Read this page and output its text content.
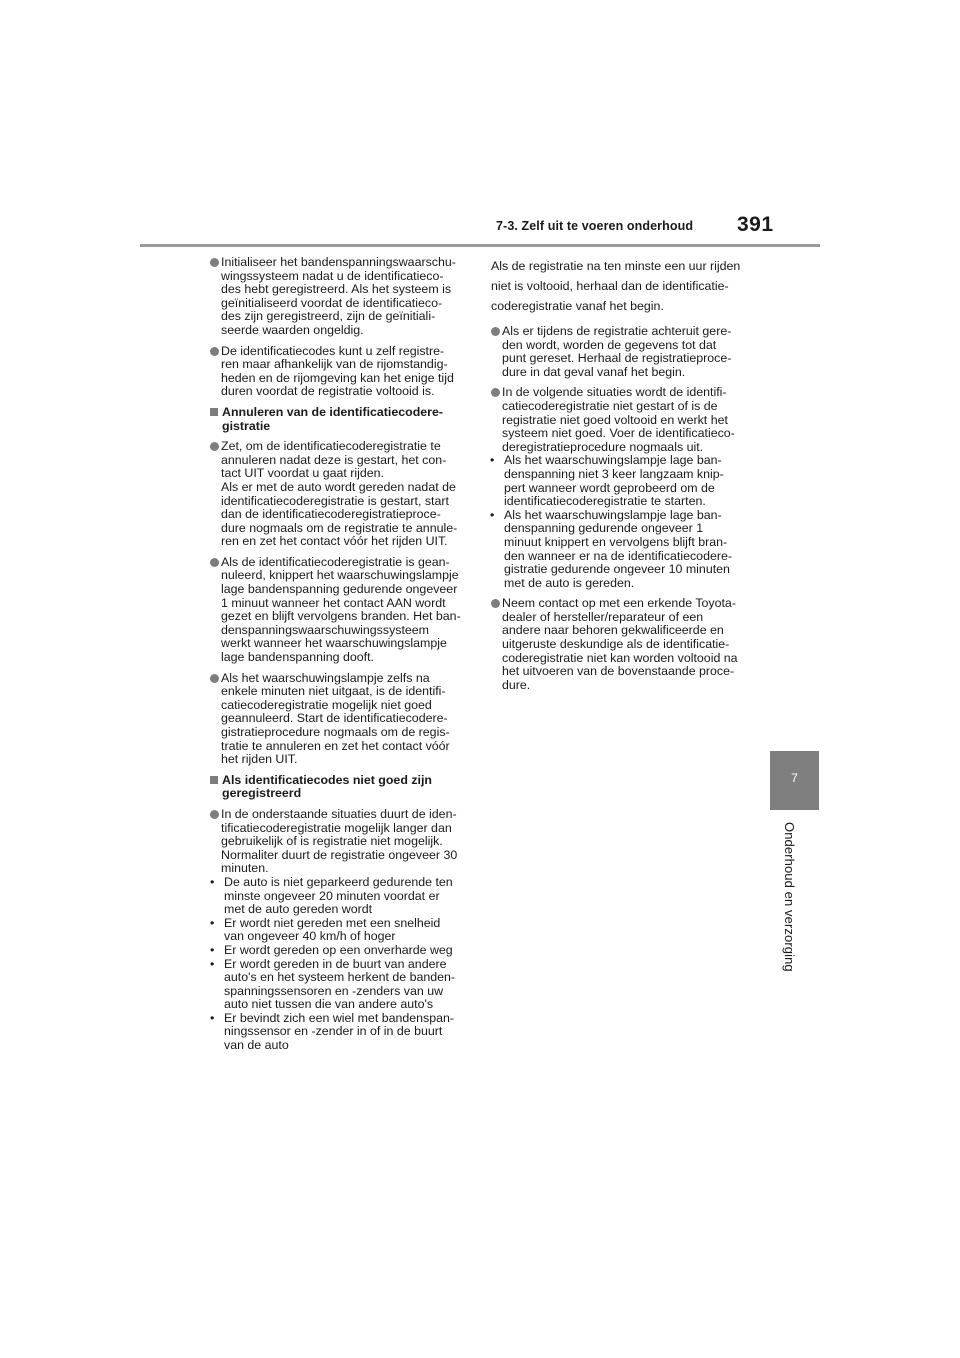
7-3. Zelf uit te voeren onderhoud 391
7
Onderhoud en verzorging
Initialiseer het bandenspanningswaarschu-
wingssysteem nadat u de identificatieco-
des hebt geregistreerd. Als het systeem is
geïnitialiseerd voordat de identificatieco-
des zijn geregistreerd, zijn de geïnitiali-
seerde waarden ongeldig.
De identificatiecodes kunt u zelf registre-
ren maar afhankelijk van de rijomstandig-
heden en de rijomgeving kan het enige tijd
duren voordat de registratie voltooid is.
Annuleren van de identificatiecodere-
gistratie
Zet, om de identificatiecoderegistratie te
annuleren nadat deze is gestart, het con-
tact UIT voordat u gaat rijden.
Als er met de auto wordt gereden nadat de
identificatiecoderegistratie is gestart, start
dan de identificatiecoderegistratieproce-
dure nogmaals om de registratie te annule-
ren en zet het contact vóór het rijden UIT.
Als de identificatiecoderegistratie is gean-
nuleerd, knippert het waarschuwingslampje
lage bandenspanning gedurende ongeveer
1 minuut wanneer het contact AAN wordt
gezet en blijft vervolgens branden. Het ban-
denspanningswaarschuwingssysteem
werkt wanneer het waarschuwingslampje
lage bandenspanning dooft.
Als het waarschuwingslampje zelfs na
enkele minuten niet uitgaat, is de identifi-
catiecoderegistratie mogelijk niet goed
geannuleerd. Start de identificatiecodere-
gistratieprocedure nogmaals om de regis-
tratie te annuleren en zet het contact vóór
het rijden UIT.
Als identificatiecodes niet goed zijn
geregistreerd
In de onderstaande situaties duurt de iden-
tificatiecoderegistratie mogelijk langer dan
gebruikelijk of is registratie niet mogelijk.
Normaliter duurt de registratie ongeveer 30
minuten.
• De auto is niet geparkeerd gedurende ten
minste ongeveer 20 minuten voordat er
met de auto gereden wordt
• Er wordt niet gereden met een snelheid
van ongeveer 40 km/h of hoger
• Er wordt gereden op een onverharde weg
• Er wordt gereden in de buurt van andere
auto's en het systeem herkent de banden-
spanningssensoren en -zenders van uw
auto niet tussen die van andere auto's
• Er bevindt zich een wiel met bandenspan-
ningssensor en -zender in of in de buurt
van de auto
Als de registratie na ten minste een uur rijden
niet is voltooid, herhaal dan de identificatie-
coderegistratie vanaf het begin.
Als er tijdens de registratie achteruit gere-
den wordt, worden de gegevens tot dat
punt gereset. Herhaal de registratieproce-
dure in dat geval vanaf het begin.
In de volgende situaties wordt de identifi-
catiecoderegistratie niet gestart of is de
registratie niet goed voltooid en werkt het
systeem niet goed. Voer de identificatieco-
deregistratieprocedure nogmaals uit.
• Als het waarschuwingslampje lage ban-
denspanning niet 3 keer langzaam knip-
pert wanneer wordt geprobeerd om de
identificatiecoderegistratie te starten.
• Als het waarschuwingslampje lage ban-
denspanning gedurende ongeveer 1
minuut knippert en vervolgens blijft bran-
den wanneer er na de identificatiecodere-
gistratie gedurende ongeveer 10 minuten
met de auto is gereden.
Neem contact op met een erkende Toyota-
dealer of hersteller/reparateur of een
andere naar behoren gekwalificeerde en
uitgeruste deskundige als de identificatie-
coderegistratie niet kan worden voltooid na
het uitvoeren van de bovenstaande proce-
dure.
